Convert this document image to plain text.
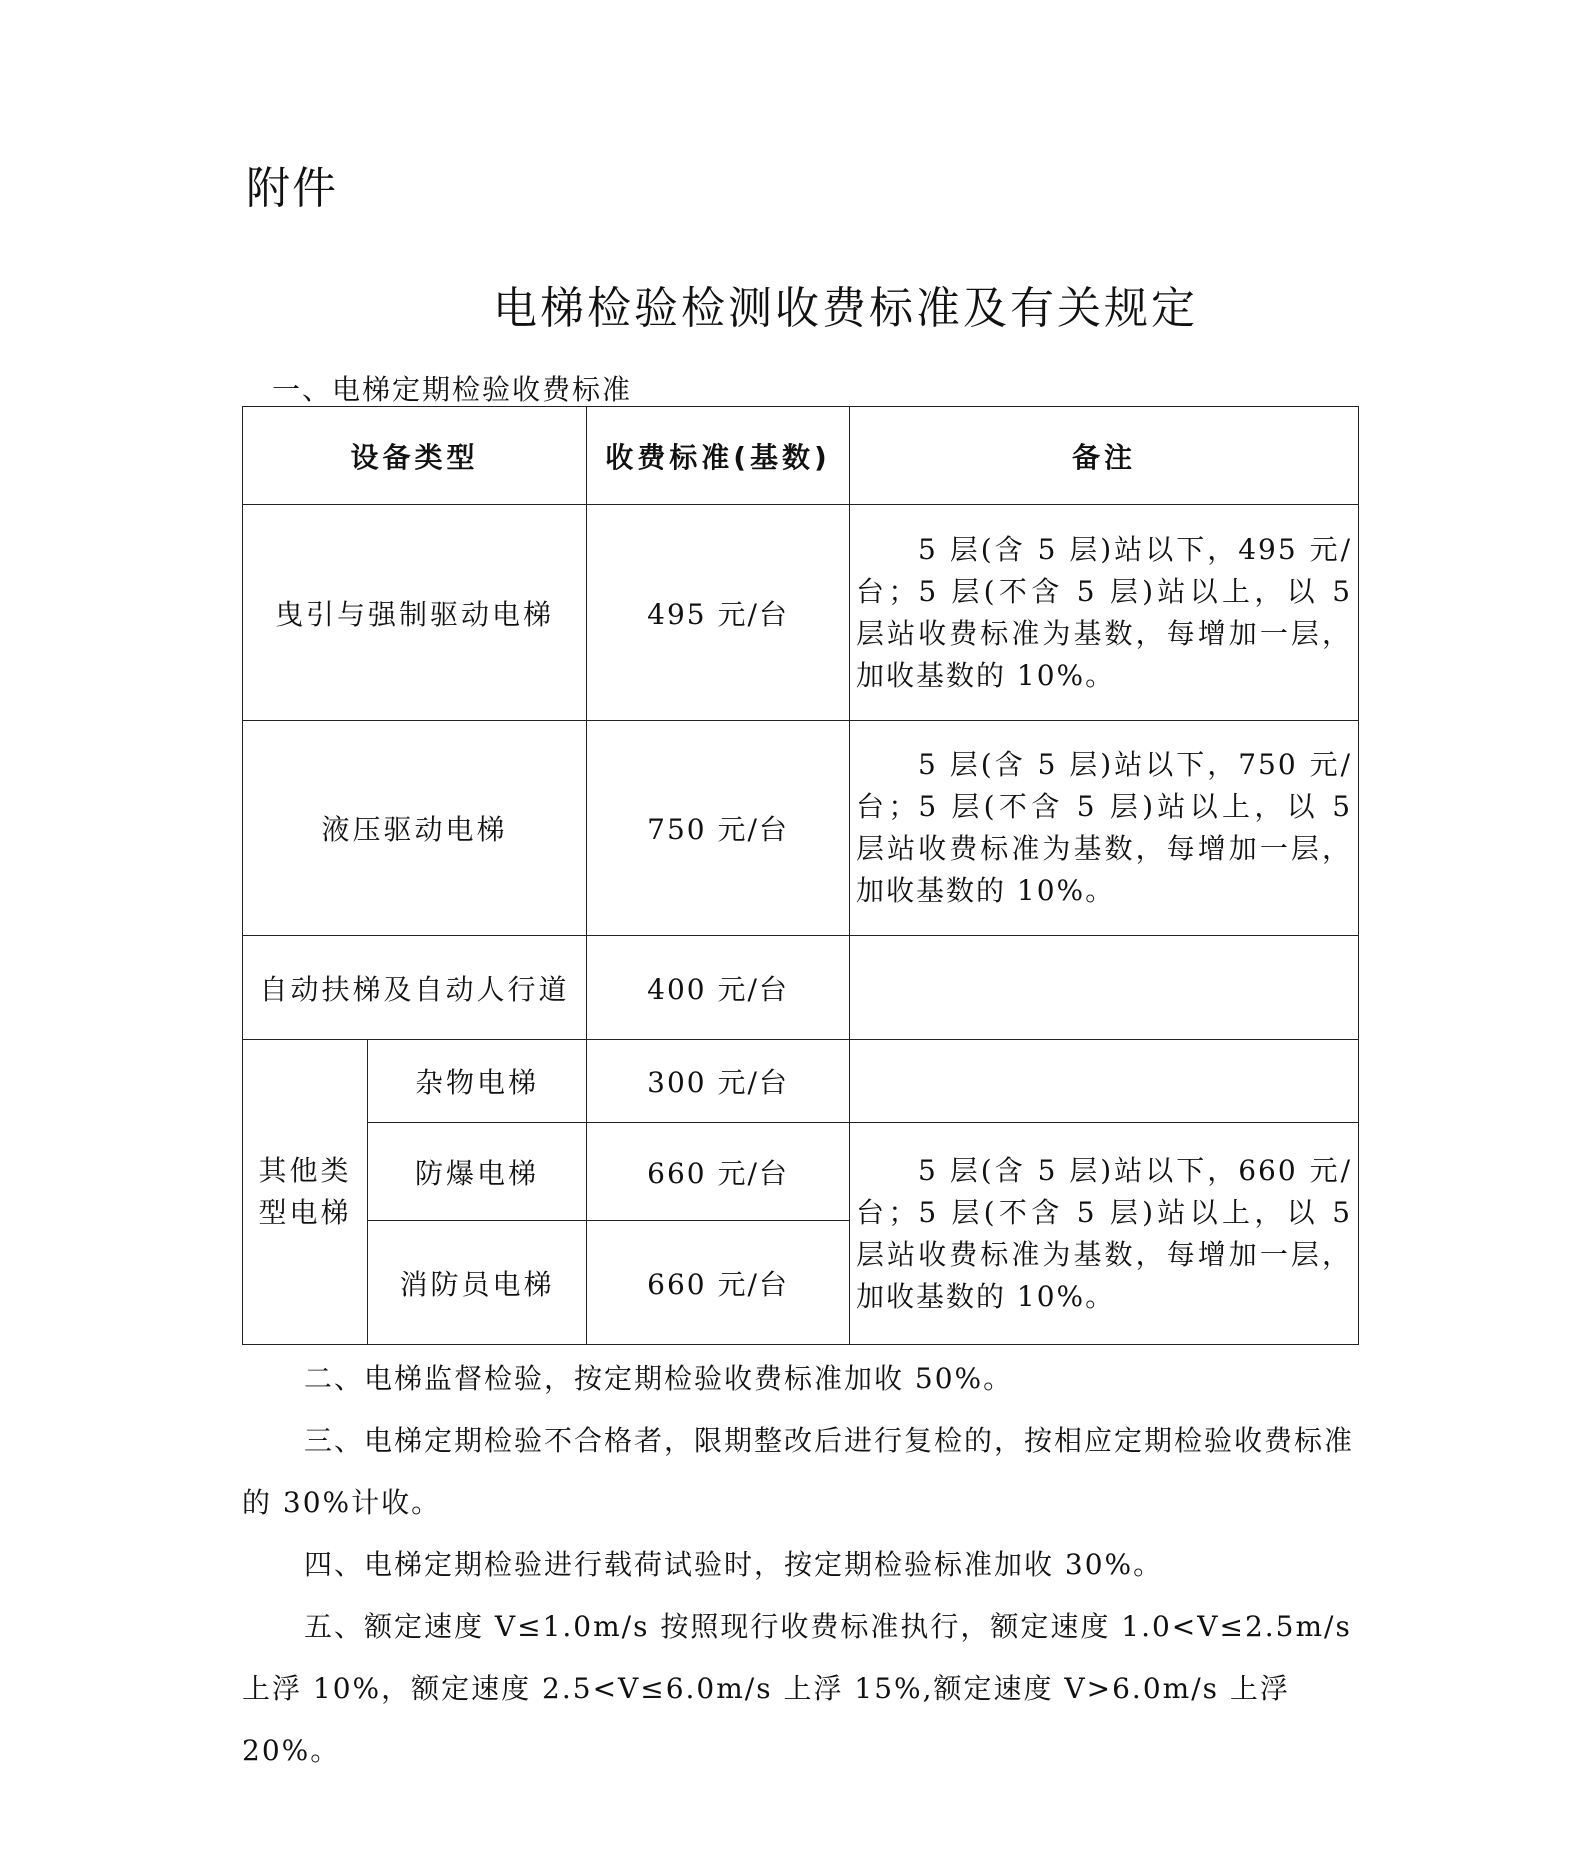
附件
电梯检验检测收费标准及有关规定
一、电梯定期检验收费标准
设备类型		收费标准(基数)	备注
曳引与强制驱动电梯		495 元/台	5 层(含 5 层)站以下，495 元/台；5 层(不含 5 层)站以上，以 5 层站收费标准为基数，每增加一层，加收基数的 10%。

液压驱动电梯		750 元/台	5 层(含 5 层)站以下，750 元/台；5 层(不含 5 层)站以上，以 5 层站收费标准为基数，每增加一层，加收基数的 10%。

自动扶梯及自动人行道		400 元/台	
其他类型电梯	杂物电梯	300 元/台	
	防爆电梯	660 元/台	5 层(含 5 层)站以下，660 元/台；5 层(不含 5 层)站以上，以 5 层站收费标准为基数，每增加一层，加收基数的 10%。

	消防员电梯	660 元/台	
二、电梯监督检验，按定期检验收费标准加收 50%。
三、电梯定期检验不合格者，限期整改后进行复检的，按相应定期检验收费标准的 30%计收。
四、电梯定期检验进行载荷试验时，按定期检验标准加收 30%。
五、额定速度 V≤1.0m/s 按照现行收费标准执行，额定速度 1.0<V≤2.5m/s 上浮 10%，额定速度 2.5<V≤6.0m/s 上浮 15%,额定速度 V>6.0m/s 上浮 20%。
